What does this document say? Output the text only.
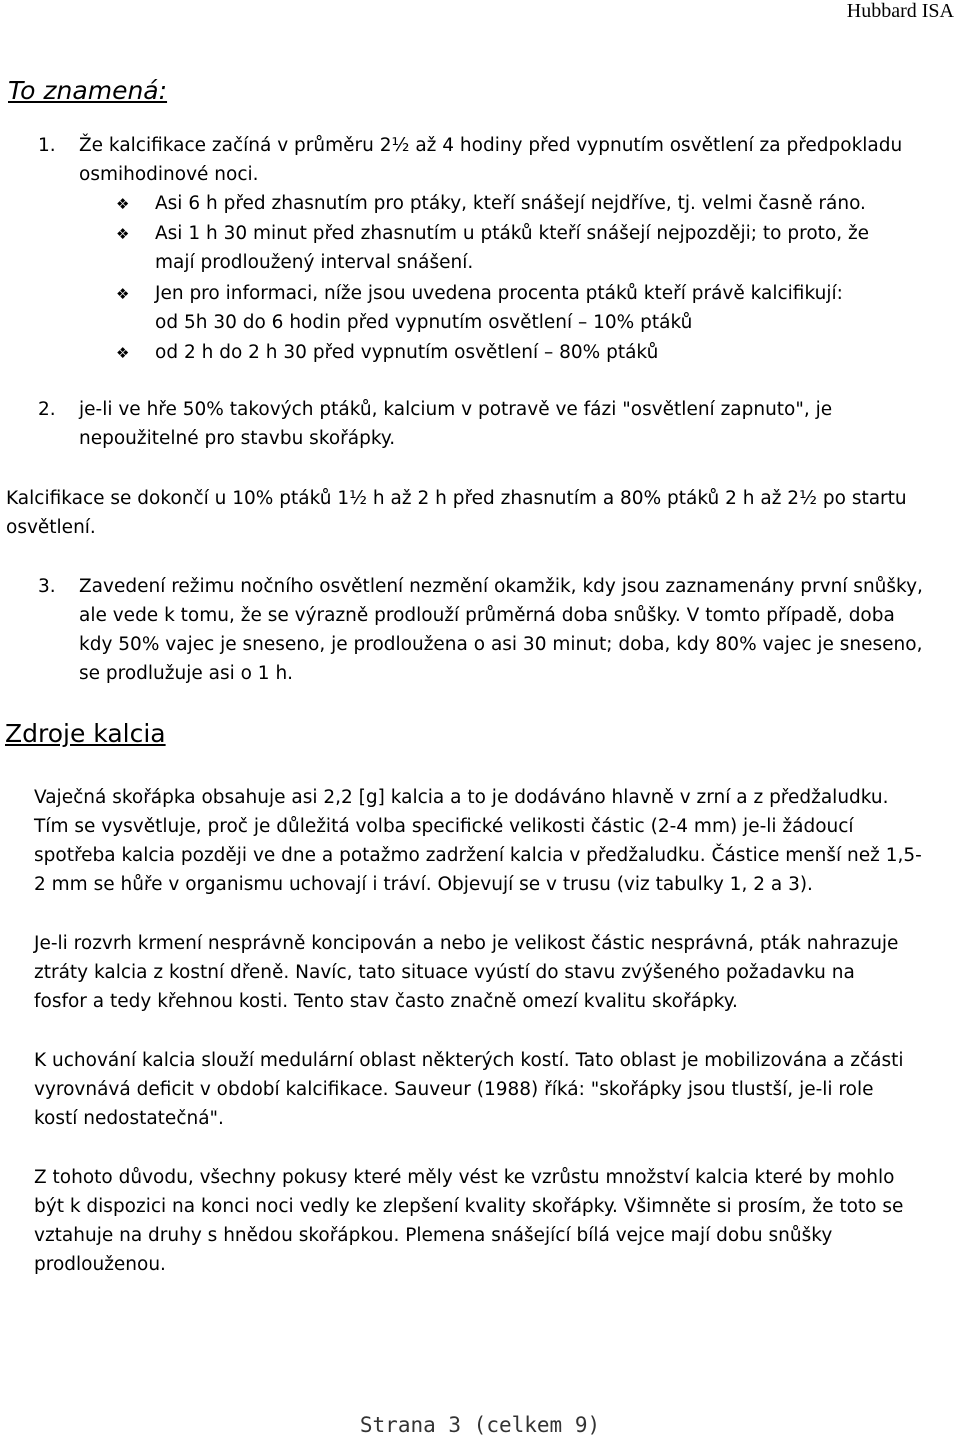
Hubbard ISA
To znamená:
1. Že kalcifikace začíná v průměru 2½ až 4 hodiny před vypnutím osvětlení za předpokladu
osmihodinové noci.
❖ Asi 6 h před zhasnutím pro ptáky, kteří snášejí nejdříve, tj. velmi časně ráno.
❖ Asi 1 h 30 minut před zhasnutím u ptáků kteří snášejí nejpozději; to proto, že
mají prodloužený interval snášení.
❖ Jen pro informaci, níže jsou uvedena procenta ptáků kteří právě kalcifikují:
od 5h 30 do 6 hodin před vypnutím osvětlení – 10% ptáků
❖ od 2 h do 2 h 30 před vypnutím osvětlení – 80% ptáků
2. je-li ve hře 50% takových ptáků, kalcium v potravě ve fázi "osvětlení zapnuto", je
nepoužitelné pro stavbu skořápky.
Kalcifikace se dokončí u 10% ptáků 1½ h až 2 h před zhasnutím a 80% ptáků 2 h až 2½ po startu
osvětlení.
3. Zavedení režimu nočního osvětlení nezmění okamžik, kdy jsou zaznamenány první snůšky,
ale vede k tomu, že se výrazně prodlouží průměrná doba snůšky. V tomto případě, doba
kdy 50% vajec je sneseno, je prodloužena o asi 30 minut; doba, kdy 80% vajec je sneseno,
se prodlužuje asi o 1 h.
Zdroje kalcia
Vaječná skořápka obsahuje asi 2,2 [g] kalcia a to je dodáváno hlavně v zrní a z předžaludku.
Tím se vysvětluje, proč je důležitá volba specifické velikosti částic (2-4 mm) je-li žádoucí
spotřeba kalcia později ve dne a potažmo zadržení kalcia v předžaludku. Částice menší než 1,5-
2 mm se hůře v organismu uchovají i tráví. Objevují se v trusu (viz tabulky 1, 2 a 3).
Je-li rozvrh krmení nesprávně koncipován a nebo je velikost částic nesprávná, pták nahrazuje
ztráty kalcia z kostní dřeně. Navíc, tato situace vyústí do stavu zvýšeného požadavku na
fosfor a tedy křehnou kosti. Tento stav často značně omezí kvalitu skořápky.
K uchování kalcia slouží medulární oblast některých kostí. Tato oblast je mobilizována a zčásti
vyrovnává deficit v období kalcifikace. Sauveur (1988) říká: "skořápky jsou tlustší, je-li role
kostí nedostatečná".
Z tohoto důvodu, všechny pokusy které měly vést ke vzrůstu množství kalcia které by mohlo
být k dispozici na konci noci vedly ke zlepšení kvality skořápky. Všimněte si prosím, že toto se
vztahuje na druhy s hnědou skořápkou. Plemena snášející bílá vejce mají dobu snůšky
prodlouženou.
Strana 3 (celkem 9)
